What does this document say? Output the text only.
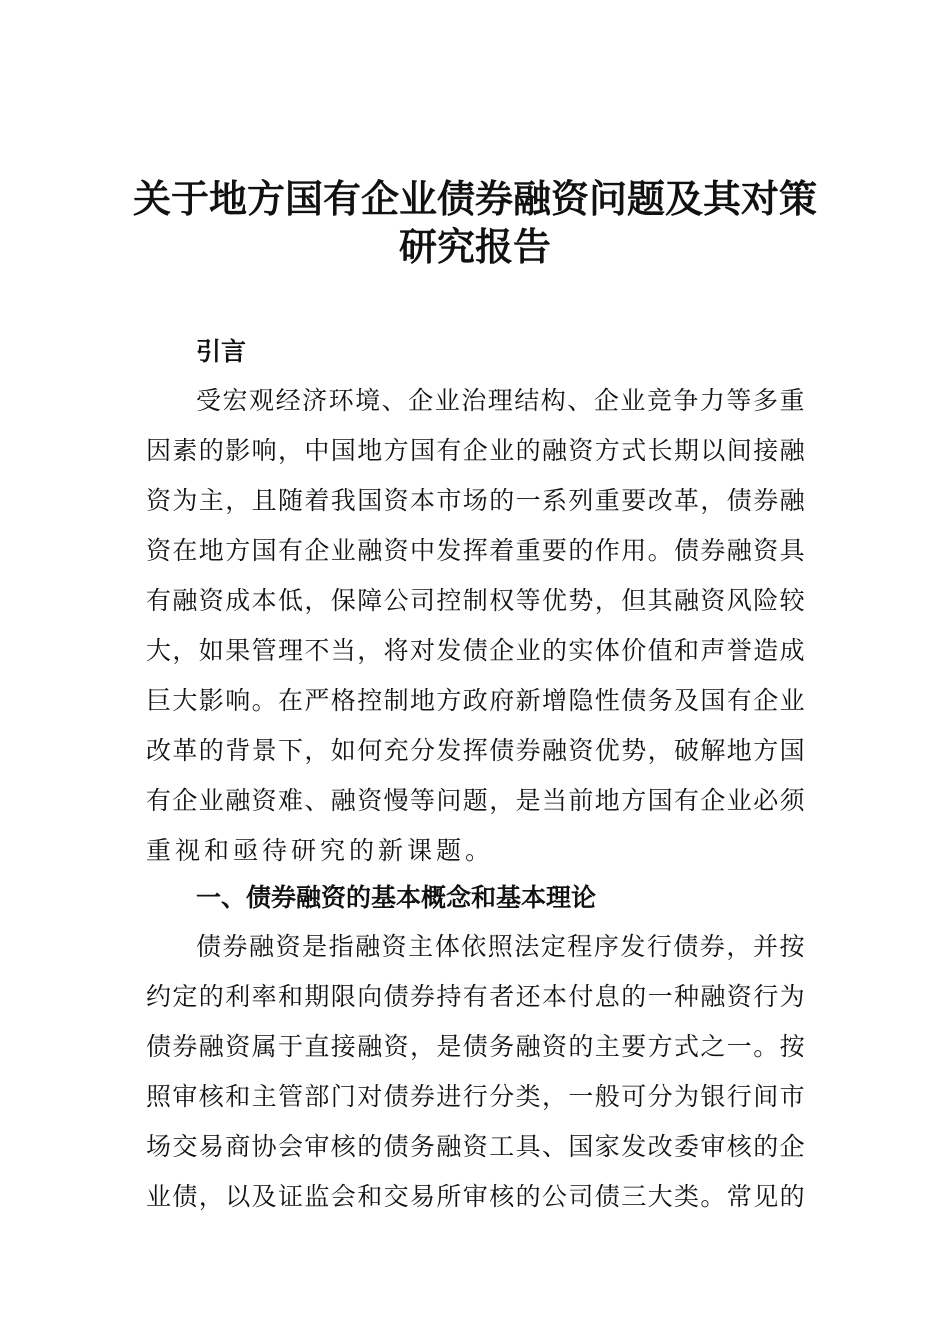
关于地方国有企业债券融资问题及其对策
研究报告
引言
受宏观经济环境、企业治理结构、企业竞争力等多重
因素的影响，中国地方国有企业的融资方式长期以间接融
资为主，且随着我国资本市场的一系列重要改革，债券融
资在地方国有企业融资中发挥着重要的作用。债券融资具
有融资成本低，保障公司控制权等优势，但其融资风险较
大，如果管理不当，将对发债企业的实体价值和声誉造成
巨大影响。在严格控制地方政府新增隐性债务及国有企业
改革的背景下，如何充分发挥债券融资优势，破解地方国
有企业融资难、融资慢等问题，是当前地方国有企业必须
重视和亟待研究的新课题。
一、债券融资的基本概念和基本理论
债券融资是指融资主体依照法定程序发行债券，并按
约定的利率和期限向债券持有者还本付息的一种融资行为
债券融资属于直接融资，是债务融资的主要方式之一。按
照审核和主管部门对债券进行分类，一般可分为银行间市
场交易商协会审核的债务融资工具、国家发改委审核的企
业债，以及证监会和交易所审核的公司债三大类。常见的
